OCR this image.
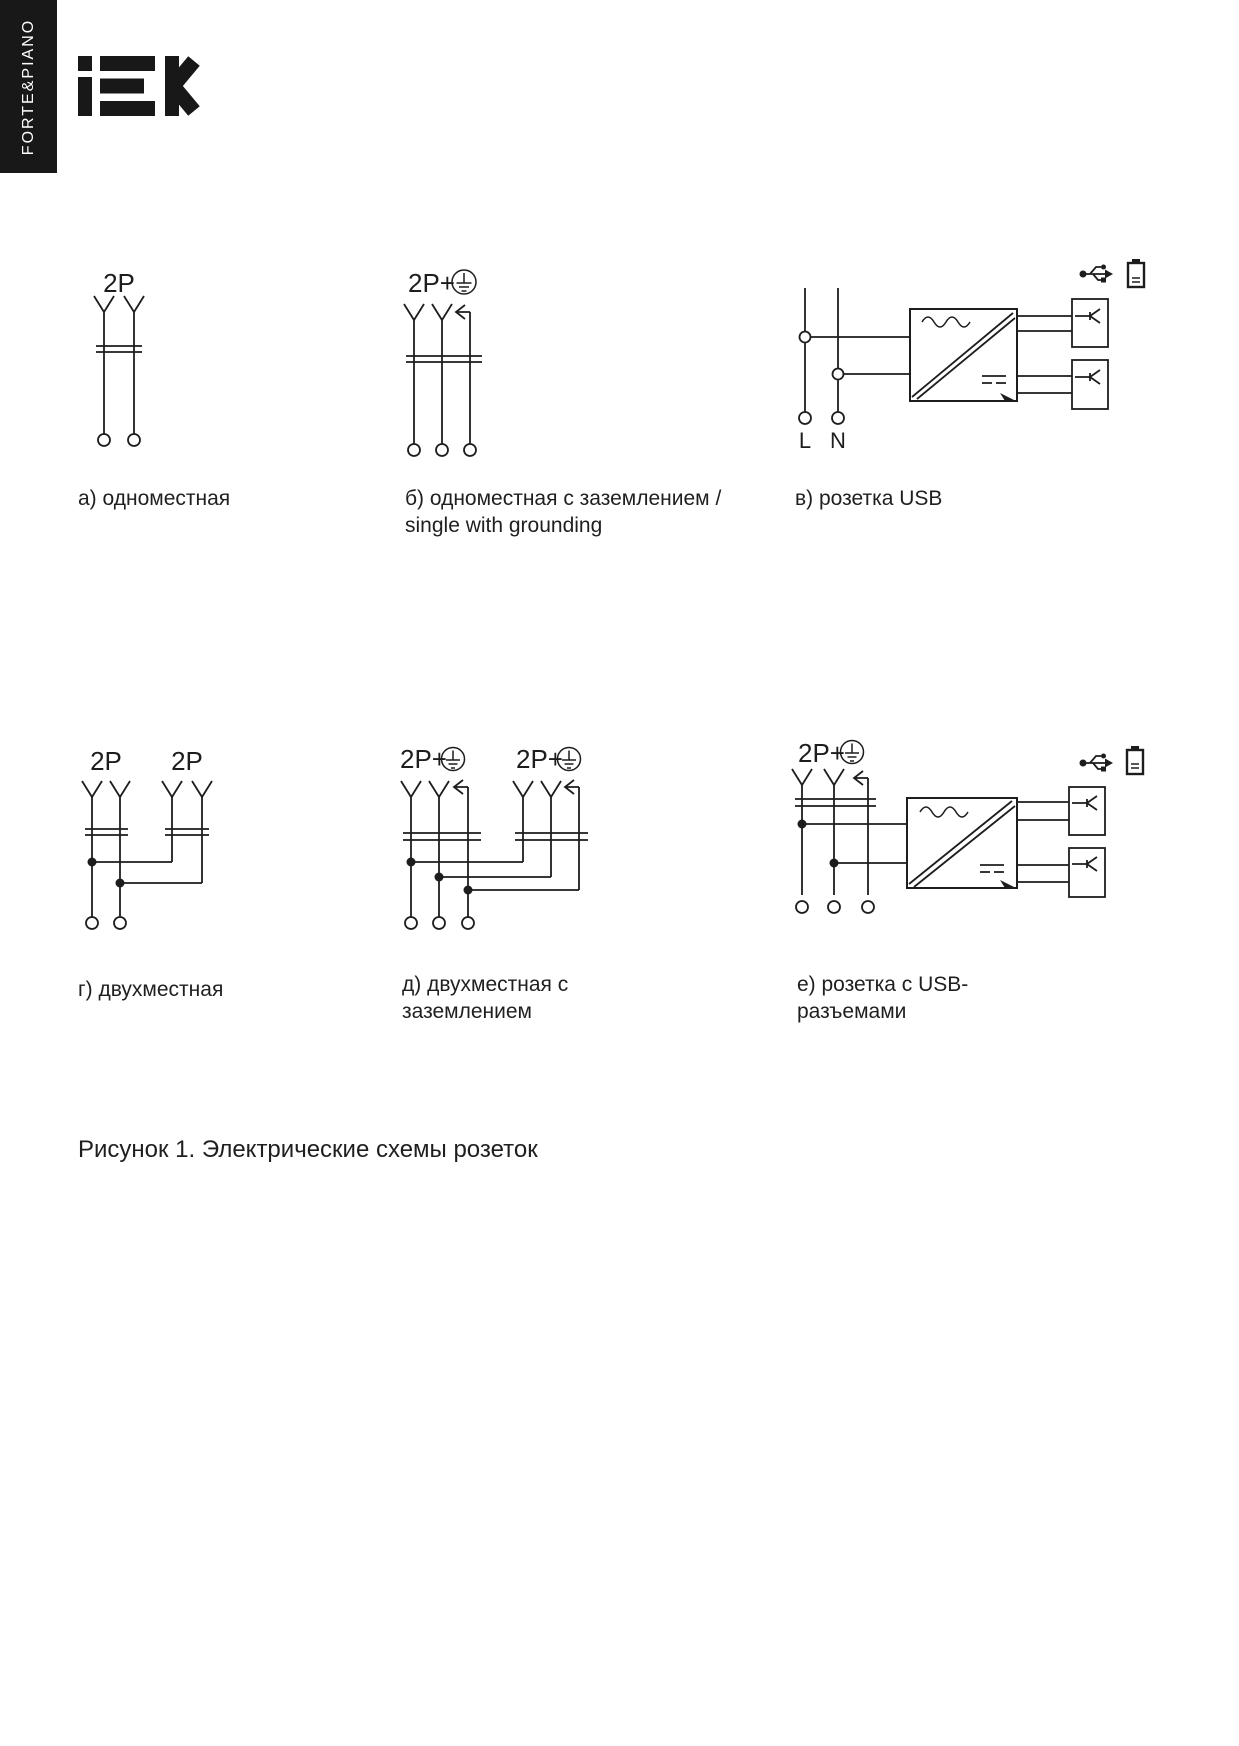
FORTE&PIANO
2P	2P+
L N
2P 2P	2P+	2P+	2P+
а) одноместная	б) одноместная с заземлением /
single with grounding
в) розетка USB
г) двухместная	д) двухместная с
заземлением
е) розетка с USB-
разъемами
Рисунок 1. Электрические схемы розеток
